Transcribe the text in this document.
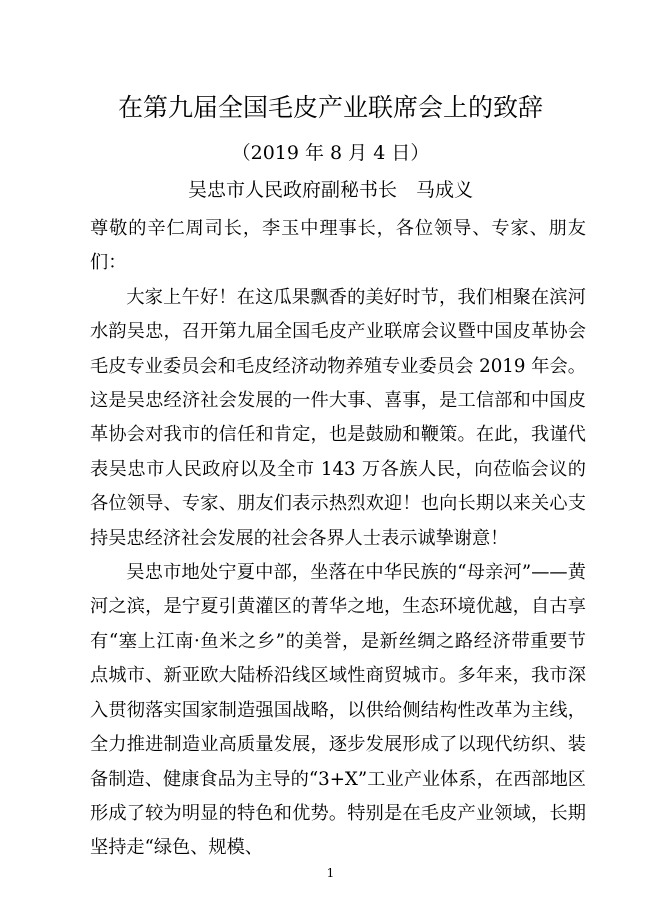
在第九届全国毛皮产业联席会上的致辞
（2019 年 8 月 4 日）
吴忠市人民政府副秘书长　马成义

尊敬的辛仁周司长，李玉中理事长，各位领导、专家、朋友们：

大家上午好！在这瓜果飘香的美好时节，我们相聚在滨河水韵吴忠，召开第九届全国毛皮产业联席会议暨中国皮革协会毛皮专业委员会和毛皮经济动物养殖专业委员会 2019 年会。这是吴忠经济社会发展的一件大事、喜事，是工信部和中国皮革协会对我市的信任和肯定，也是鼓励和鞭策。在此，我谨代表吴忠市人民政府以及全市 143 万各族人民，向莅临会议的各位领导、专家、朋友们表示热烈欢迎！也向长期以来关心支持吴忠经济社会发展的社会各界人士表示诚挚谢意！

吴忠市地处宁夏中部，坐落在中华民族的“母亲河”——黄河之滨，是宁夏引黄灌区的菁华之地，生态环境优越，自古享有“塞上江南·鱼米之乡”的美誉，是新丝绸之路经济带重要节点城市、新亚欧大陆桥沿线区域性商贸城市。多年来，我市深入贯彻落实国家制造强国战略，以供给侧结构性改革为主线，全力推进制造业高质量发展，逐步发展形成了以现代纺织、装备制造、健康食品为主导的“3+X”工业产业体系，在西部地区形成了较为明显的特色和优势。特别是在毛皮产业领域，长期坚持走“绿色、规模、

1
